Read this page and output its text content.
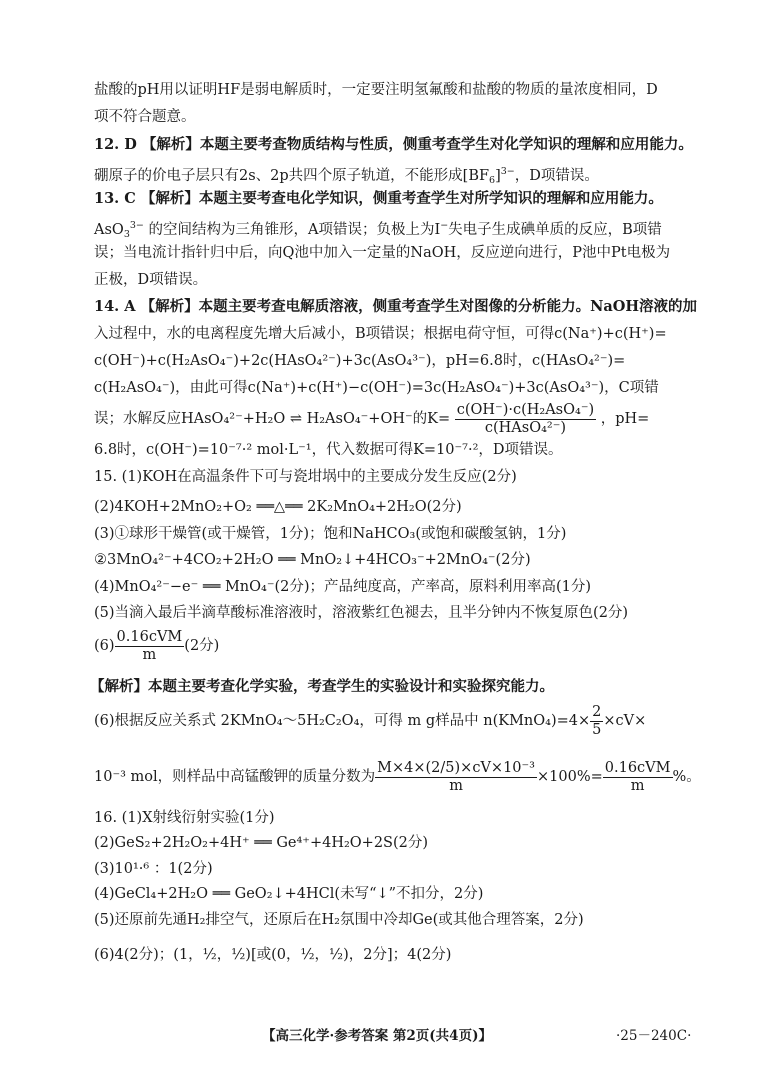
盐酸的pH用以证明HF是弱电解质时，一定要注明氢氟酸和盐酸的物质的量浓度相同，D
项不符合题意。
12. D 【解析】本题主要考查物质结构与性质，侧重考查学生对化学知识的理解和应用能力。
硼原子的价电子层只有2s、2p共四个原子轨道，不能形成$[BF_6]^{3-}$，D项错误。
13. C 【解析】本题主要考查电化学知识，侧重考查学生对所学知识的理解和应用能力。
AsO$_3^{3-}$ 的空间结构为三角锥形，A项错误；负极上为I−失电子生成碘单质的反应，B项错
误；当电流计指针归中后，向Q池中加入一定量的NaOH，反应逆向进行，P池中Pt电极为
正极，D项错误。
14. A 【解析】本题主要考查电解质溶液，侧重考查学生对图像的分析能力。NaOH溶液的加
入过程中，水的电离程度先增大后减小，B项错误；根据电荷守恒，可得c(Na⁺)+c(H⁺)=
c(OH⁻)+c(H₂AsO₄⁻)+2c(HAsO₄²⁻)+3c(AsO₄³⁻)，pH=6.8时，c(HAsO₄²⁻)=
c(H₂AsO₄⁻)，由此可得c(Na⁺)+c(H⁺)−c(OH⁻)=3c(H₂AsO₄⁻)+3c(AsO₄³⁻)，C项错
误；水解反应HAsO₄²⁻+H₂O ⇌ H₂AsO₄⁻+OH⁻的$K= \frac{\text{c(OH⁻)·c(H₂AsO₄⁻)}}{\text{c(HAsO₄²⁻)}}$ ，pH=
6.8时，c(OH⁻)=10⁻⁷·² mol·L⁻¹，代入数据可得K=10⁻⁷·²，D项错误。
15. (1)KOH在高温条件下可与瓷坩埚中的主要成分发生反应(2分)
(2)4KOH+2MnO₂+O₂ ══△══ 2K₂MnO₄+2H₂O(2分)
(3)①球形干燥管(或干燥管，1分)；饱和NaHCO₃(或饱和碳酸氢钠，1分)
②3MnO₄²⁻+4CO₂+2H₂O ══ MnO₂↓+4HCO₃⁻+2MnO₄⁻(2分)
(4)MnO₄²⁻−e⁻ ══ MnO₄⁻(2分)；产品纯度高，产率高，原料利用率高(1分)
(5)当滴入最后半滴草酸标准溶液时，溶液紫红色褪去，且半分钟内不恢复原色(2分)
$(6) \frac{\text{0.16cVM}}{m} (2$分)
【解析】本题主要考查化学实验，考查学生的实验设计和实验探究能力。
(6)根据反应关系式 2KMnO₄～5H₂C₂O₄，可得 m g样品中 n(KMnO₄)=4× $\frac{2}{5} \times cV\times$
10⁻³ mol，则样品中高锰酸钾的质量分数为 $\frac{\text{M×4×(2/5)×cV×10⁻³}}{m} \times 100\%= \frac{\text{0.16cVM}}{m}$ %。
16. (1)X射线衍射实验(1分)
(2)GeS₂+2H₂O₂+4H⁺ ══ Ge⁴⁺+4H₂O+2S(2分)
(3)10¹·⁶ ：1(2分)
(4)GeCl₄+2H₂O ══ GeO₂↓+4HCl(未写“↓”不扣分，2分)
(5)还原前先通H₂排空气，还原后在H₂氛围中冷却Ge(或其他合理答案，2分)
(6)4(2分)；(1，½，½)[或(0，½，½)，2分]；4(2分)
【高三化学·参考答案 第2页(共4页)】	·25－240C·
